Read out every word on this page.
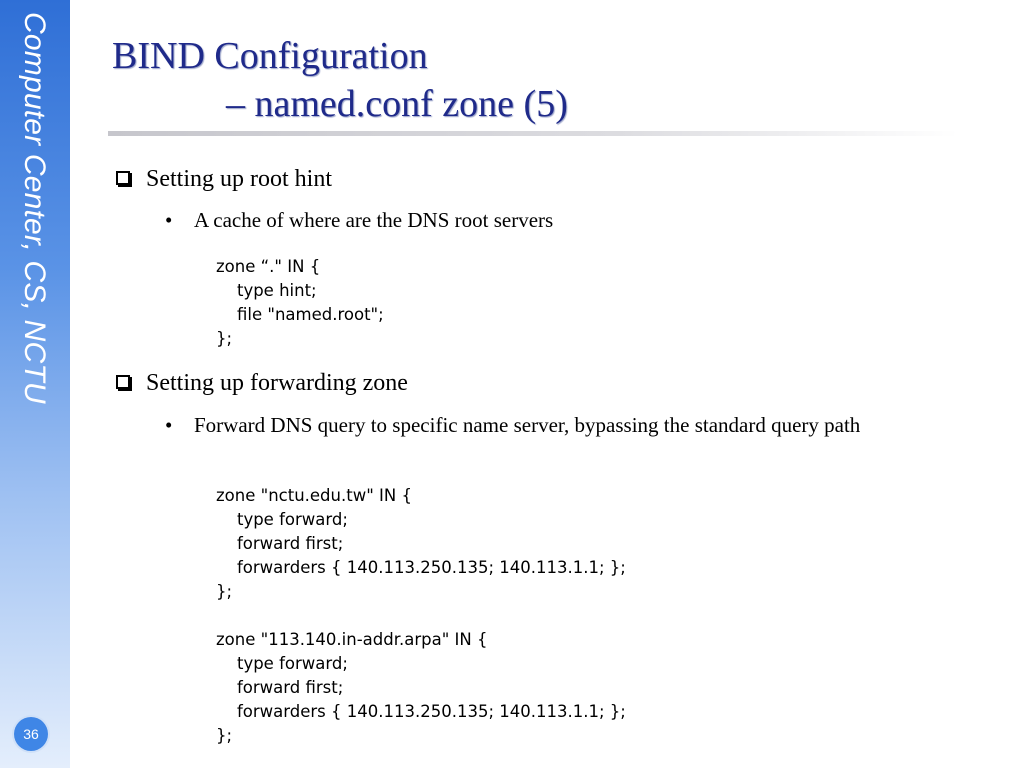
Computer Center, CS, NCTU
36
BIND Configuration
– named.conf zone (5)
Setting up root hint
• A cache of where are the DNS root servers
zone “." IN {
type hint;
file "named.root";
};
Setting up forwarding zone
• Forward DNS query to specific name server, bypassing the standard query path
zone "nctu.edu.tw" IN {
type forward;
forward first;
forwarders { 140.113.250.135; 140.113.1.1; };
};

zone "113.140.in-addr.arpa" IN {
type forward;
forward first;
forwarders { 140.113.250.135; 140.113.1.1; };
};
